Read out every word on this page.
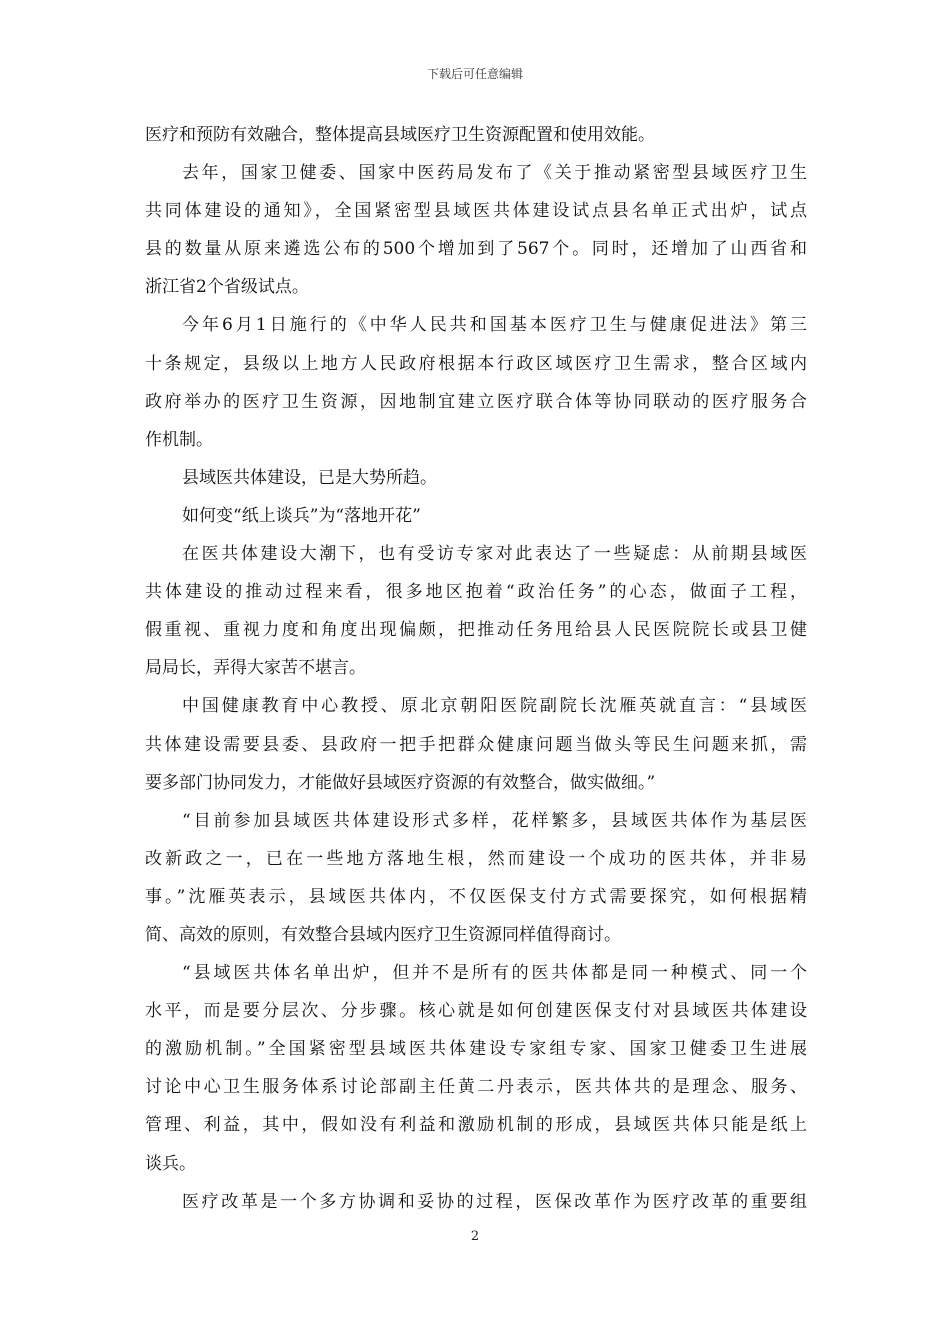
下载后可任意编辑
医疗和预防有效融合，整体提高县域医疗卫生资源配置和使用效能。
去年，国家卫健委、国家中医药局发布了《关于推动紧密型县域医疗卫生
共同体建设的通知》，全国紧密型县域医共体建设试点县名单正式出炉，试点
县的数量从原来遴选公布的500个增加到了567个。同时，还增加了山西省和
浙江省2个省级试点。
今年6月1日施行的《中华人民共和国基本医疗卫生与健康促进法》第三
十条规定，县级以上地方人民政府根据本行政区域医疗卫生需求，整合区域内
政府举办的医疗卫生资源，因地制宜建立医疗联合体等协同联动的医疗服务合
作机制。
县域医共体建设，已是大势所趋。
如何变“纸上谈兵”为“落地开花”
在医共体建设大潮下，也有受访专家对此表达了一些疑虑：从前期县域医
共体建设的推动过程来看，很多地区抱着“政治任务”的心态，做面子工程，
假重视、重视力度和角度出现偏颇，把推动任务甩给县人民医院院长或县卫健
局局长，弄得大家苦不堪言。
中国健康教育中心教授、原北京朝阳医院副院长沈雁英就直言：“县域医
共体建设需要县委、县政府一把手把群众健康问题当做头等民生问题来抓，需
要多部门协同发力，才能做好县域医疗资源的有效整合，做实做细。”
“目前参加县域医共体建设形式多样，花样繁多，县域医共体作为基层医
改新政之一，已在一些地方落地生根，然而建设一个成功的医共体，并非易
事。”沈雁英表示，县域医共体内，不仅医保支付方式需要探究，如何根据精
简、高效的原则，有效整合县域内医疗卫生资源同样值得商讨。
“县域医共体名单出炉，但并不是所有的医共体都是同一种模式、同一个
水平，而是要分层次、分步骤。核心就是如何创建医保支付对县域医共体建设
的激励机制。”全国紧密型县域医共体建设专家组专家、国家卫健委卫生进展
讨论中心卫生服务体系讨论部副主任黄二丹表示，医共体共的是理念、服务、
管理、利益，其中，假如没有利益和激励机制的形成，县域医共体只能是纸上
谈兵。
医疗改革是一个多方协调和妥协的过程，医保改革作为医疗改革的重要组
2
